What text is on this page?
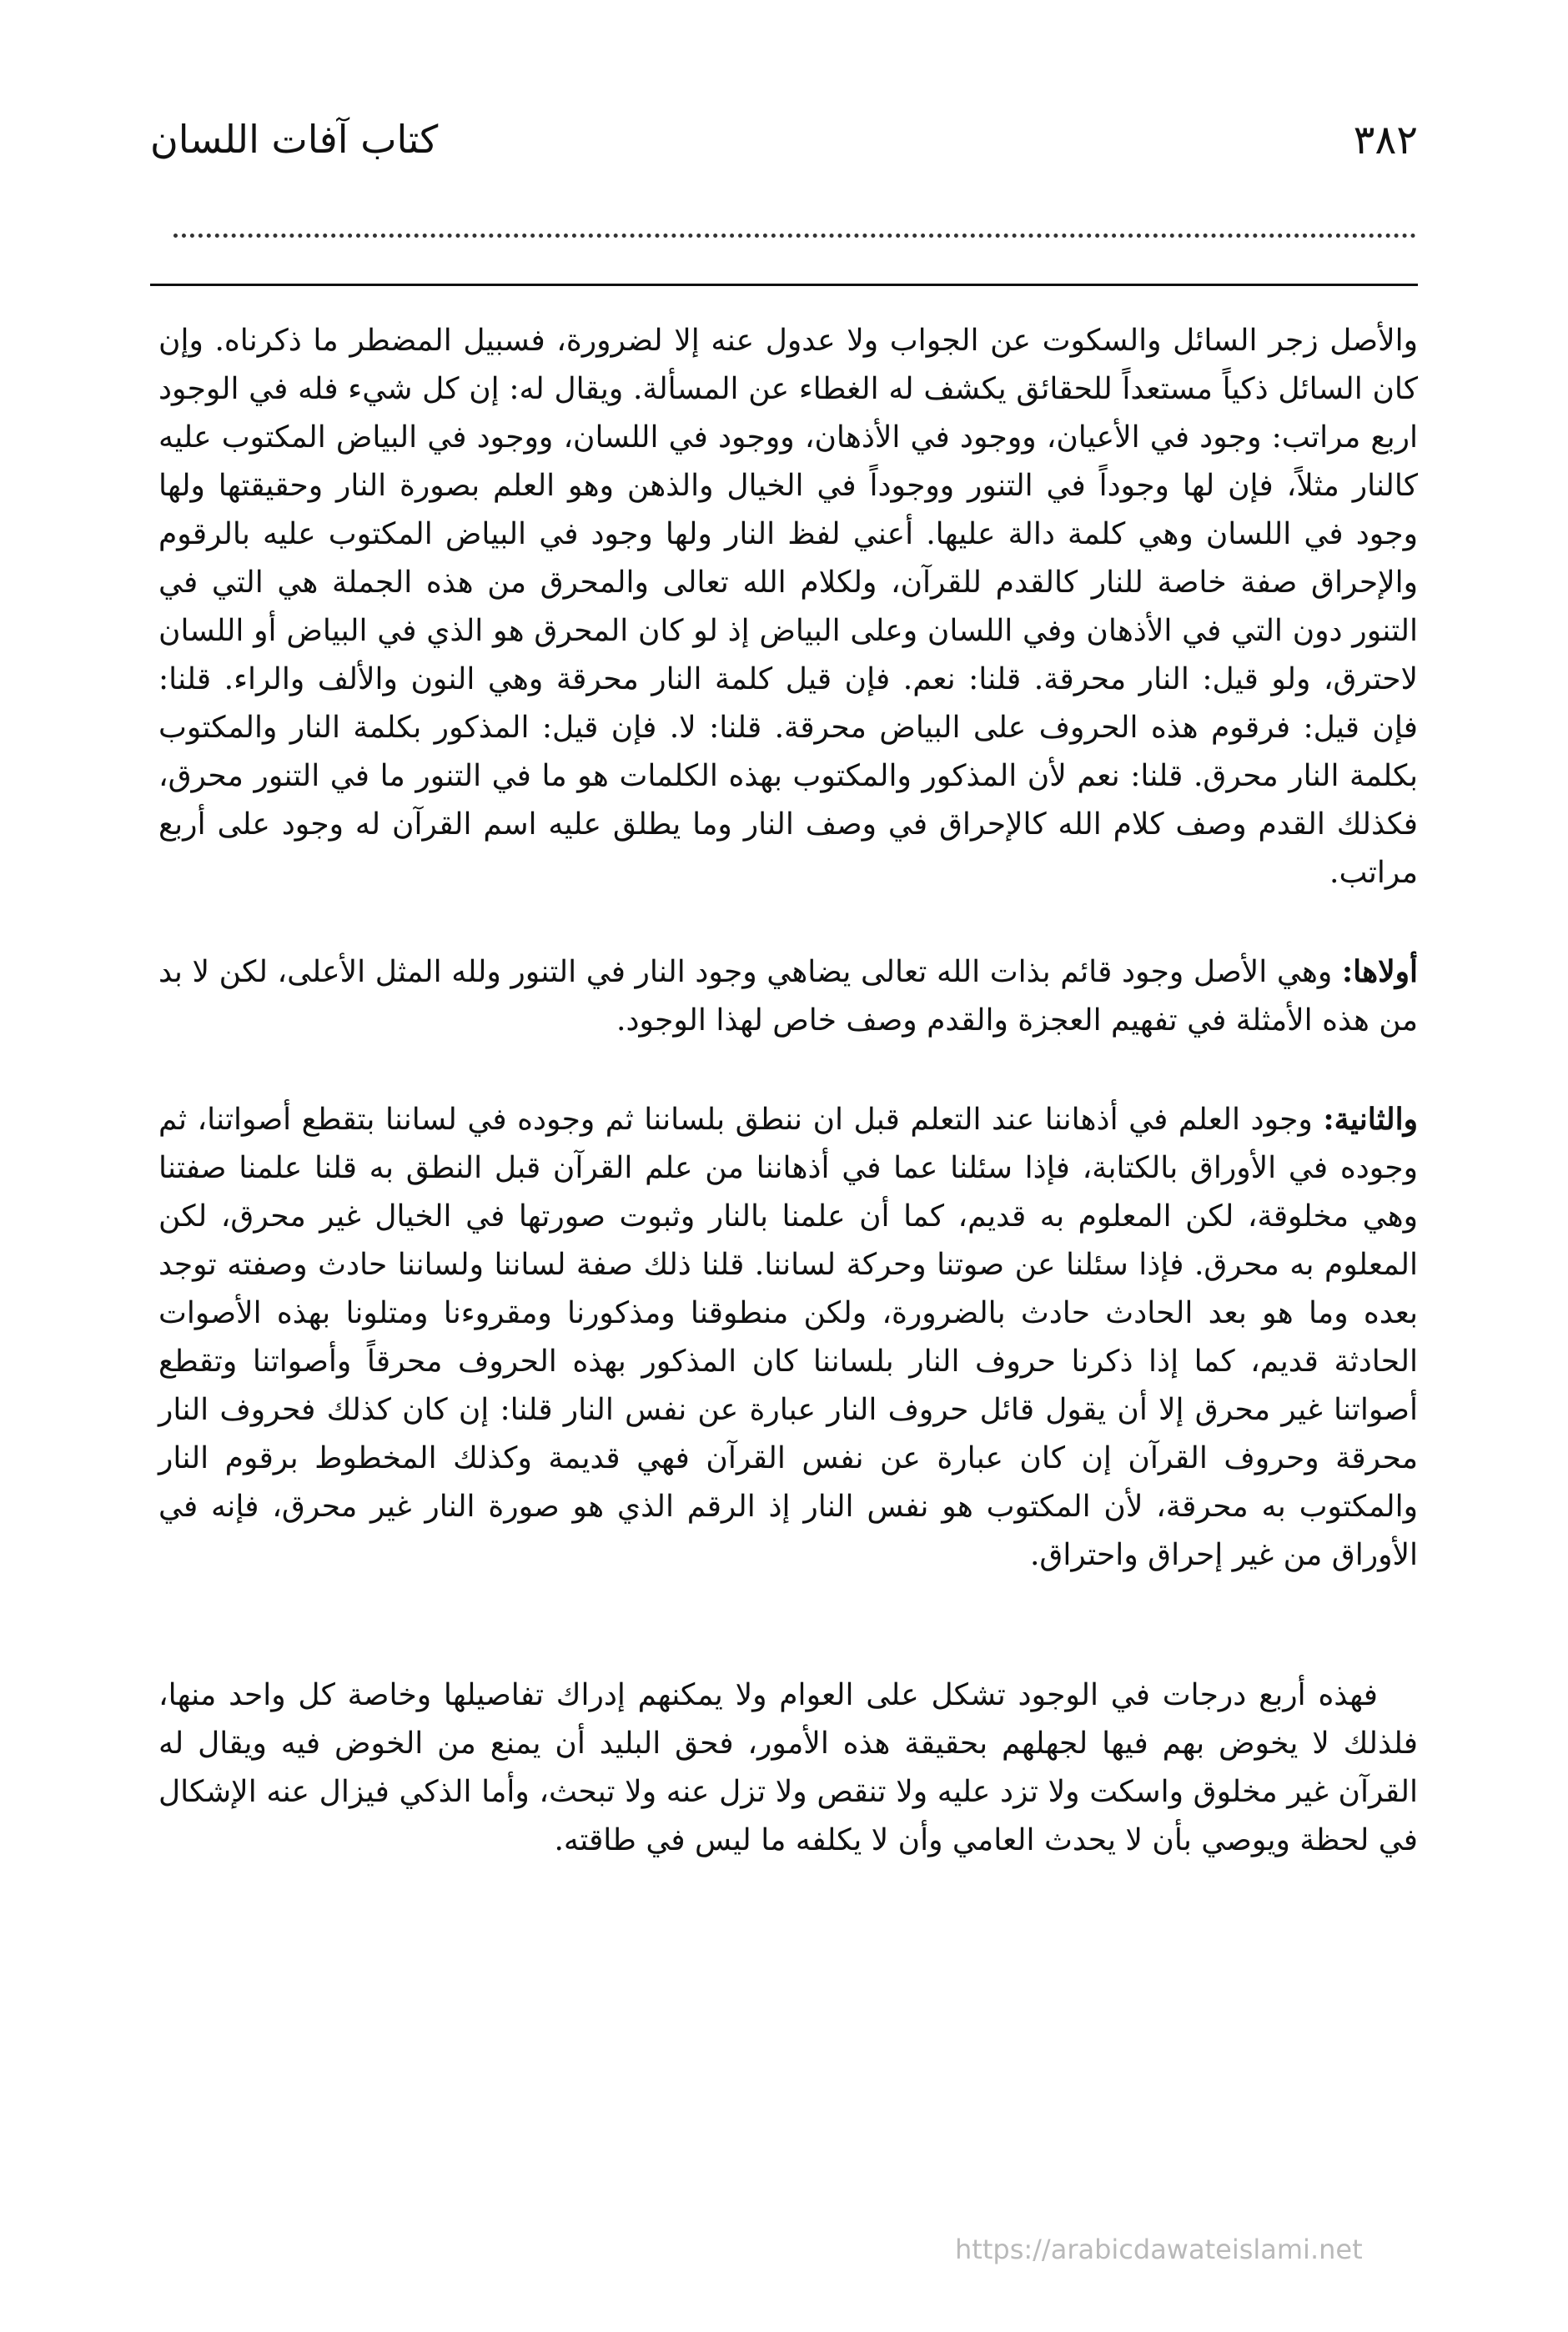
٣٨٢
كتاب آفات اللسان

والأصل زجر السائل والسكوت عن الجواب ولا عدول عنه إلا لضرورة، فسبيل المضطر ما ذكرناه. وإن كان السائل ذكياً مستعداً للحقائق يكشف له الغطاء عن المسألة. ويقال له: إن كل شيء فله في الوجود اربع مراتب: وجود في الأعيان، ووجود في الأذهان، ووجود في اللسان، ووجود في البياض المكتوب عليه كالنار مثلاً، فإن لها وجوداً في التنور ووجوداً في الخيال والذهن وهو العلم بصورة النار وحقيقتها ولها وجود في اللسان وهي كلمة دالة عليها. أعني لفظ النار ولها وجود في البياض المكتوب عليه بالرقوم والإحراق صفة خاصة للنار كالقدم للقرآن، ولكلام الله تعالى والمحرق من هذه الجملة هي التي في التنور دون التي في الأذهان وفي اللسان وعلى البياض إذ لو كان المحرق هو الذي في البياض أو اللسان لاحترق، ولو قيل: النار محرقة. قلنا: نعم. فإن قيل كلمة النار محرقة وهي النون والألف والراء. قلنا: فإن قيل: فرقوم هذه الحروف على البياض محرقة. قلنا: لا. فإن قيل: المذكور بكلمة النار والمكتوب بكلمة النار محرق. قلنا: نعم لأن المذكور والمكتوب بهذه الكلمات هو ما في التنور ما في التنور محرق، فكذلك القدم وصف كلام الله كالإحراق في وصف النار وما يطلق عليه اسم القرآن له وجود على أربع مراتب.

أولاها: وهي الأصل وجود قائم بذات الله تعالى يضاهي وجود النار في التنور ولله المثل الأعلى، لكن لا بد من هذه الأمثلة في تفهيم العجزة والقدم وصف خاص لهذا الوجود.

والثانية: وجود العلم في أذهاننا عند التعلم قبل ان ننطق بلساننا ثم وجوده في لساننا بتقطع أصواتنا، ثم وجوده في الأوراق بالكتابة، فإذا سئلنا عما في أذهاننا من علم القرآن قبل النطق به قلنا علمنا صفتنا وهي مخلوقة، لكن المعلوم به قديم، كما أن علمنا بالنار وثبوت صورتها في الخيال غير محرق، لكن المعلوم به محرق. فإذا سئلنا عن صوتنا وحركة لساننا. قلنا ذلك صفة لساننا ولساننا حادث وصفته توجد بعده وما هو بعد الحادث حادث بالضرورة، ولكن منطوقنا ومذكورنا ومقروءنا ومتلونا بهذه الأصوات الحادثة قديم، كما إذا ذكرنا حروف النار بلساننا كان المذكور بهذه الحروف محرقاً وأصواتنا وتقطع أصواتنا غير محرق إلا أن يقول قائل حروف النار عبارة عن نفس النار قلنا: إن كان كذلك فحروف النار محرقة وحروف القرآن إن كان عبارة عن نفس القرآن فهي قديمة وكذلك المخطوط برقوم النار والمكتوب به محرقة، لأن المكتوب هو نفس النار إذ الرقم الذي هو صورة النار غير محرق، فإنه في الأوراق من غير إحراق واحتراق.

فهذه أربع درجات في الوجود تشكل على العوام ولا يمكنهم إدراك تفاصيلها وخاصة كل واحد منها، فلذلك لا يخوض بهم فيها لجهلهم بحقيقة هذه الأمور، فحق البليد أن يمنع من الخوض فيه ويقال له القرآن غير مخلوق واسكت ولا تزد عليه ولا تنقص ولا تزل عنه ولا تبحث، وأما الذكي فيزال عنه الإشكال في لحظة ويوصي بأن لا يحدث العامي وأن لا يكلفه ما ليس في طاقته.

https://arabicdawateislami.net
